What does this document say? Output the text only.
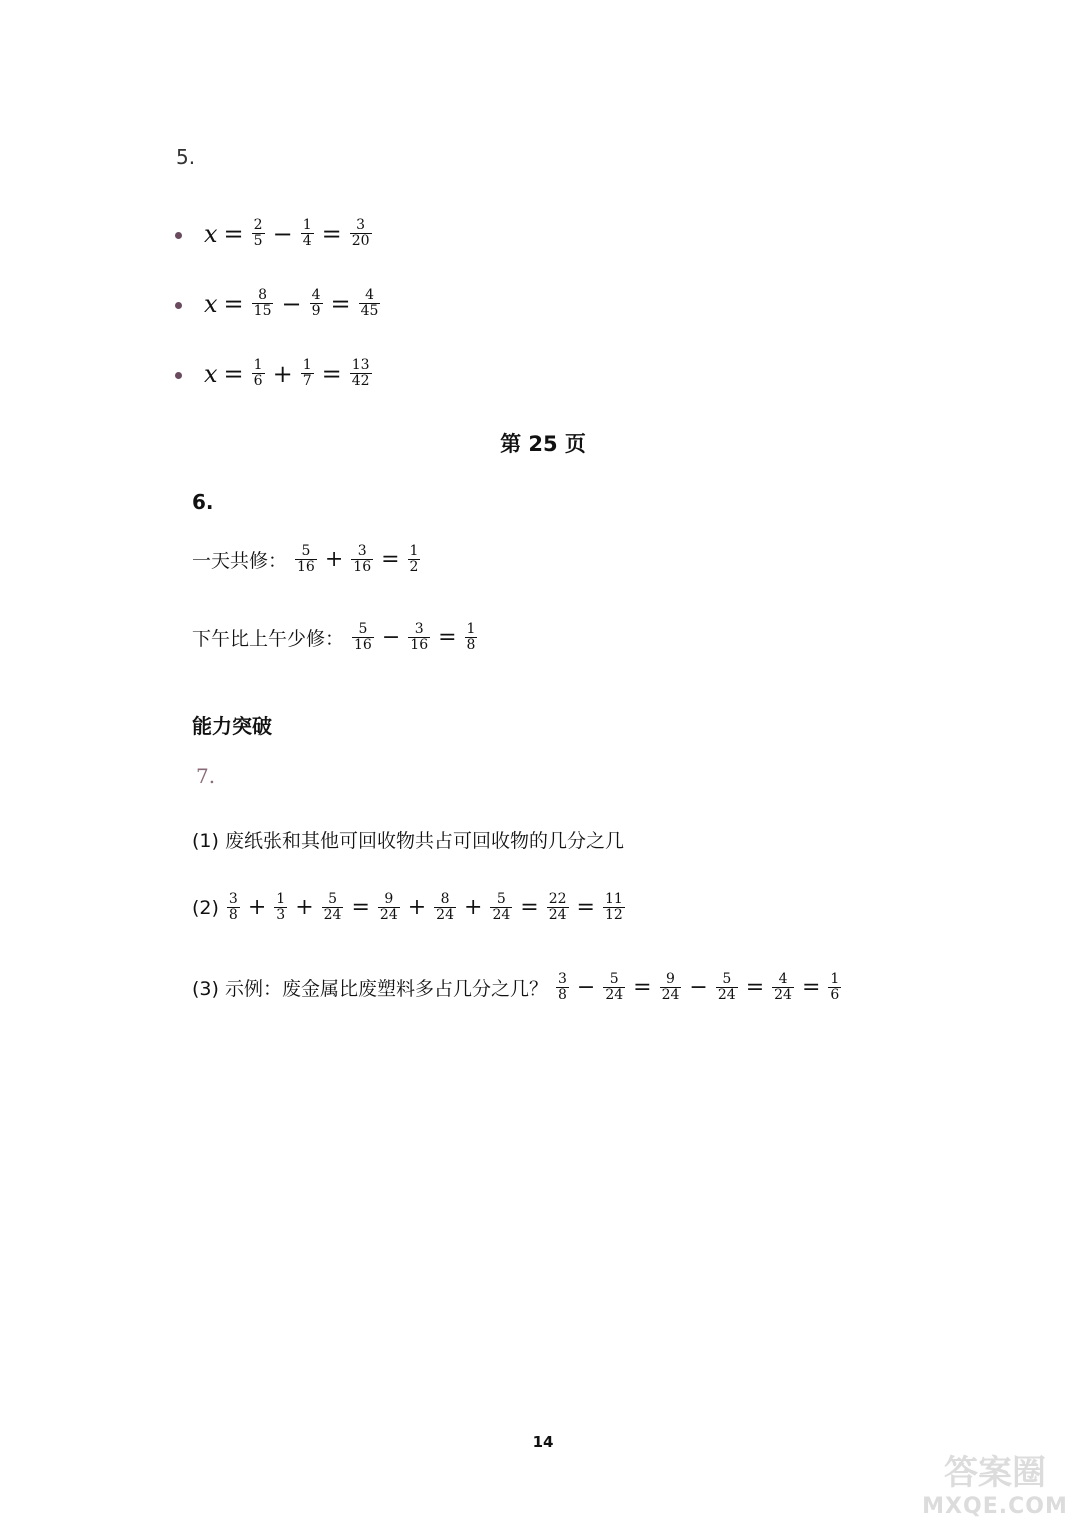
5.
$x = \frac{2}{5} - \frac{1}{4} = \frac{3}{20}$
$x = \frac{8}{15} - \frac{4}{9} = \frac{4}{45}$
$x = \frac{1}{6} + \frac{1}{7} = \frac{13}{42}$
第 25 页
6.
一天共修： $\frac{5}{16} + \frac{3}{16} = \frac{1}{2}$
下午比上午少修： $\frac{5}{16} - \frac{3}{16} = \frac{1}{8}$
能力突破
7.
(1) 废纸张和其他可回收物共占可回收物的几分之几
$(2) \frac{3}{8} + \frac{1}{3} + \frac{5}{24} = \frac{9}{24} + \frac{8}{24} + \frac{5}{24} = \frac{22}{24} = \frac{11}{12}$
(3) 示例：废金属比废塑料多占几分之几？ $\frac{3}{8} - \frac{5}{24} = \frac{9}{24} - \frac{5}{24} = \frac{4}{24} = \frac{1}{6}$
14
答案圈
MXQE.COM
